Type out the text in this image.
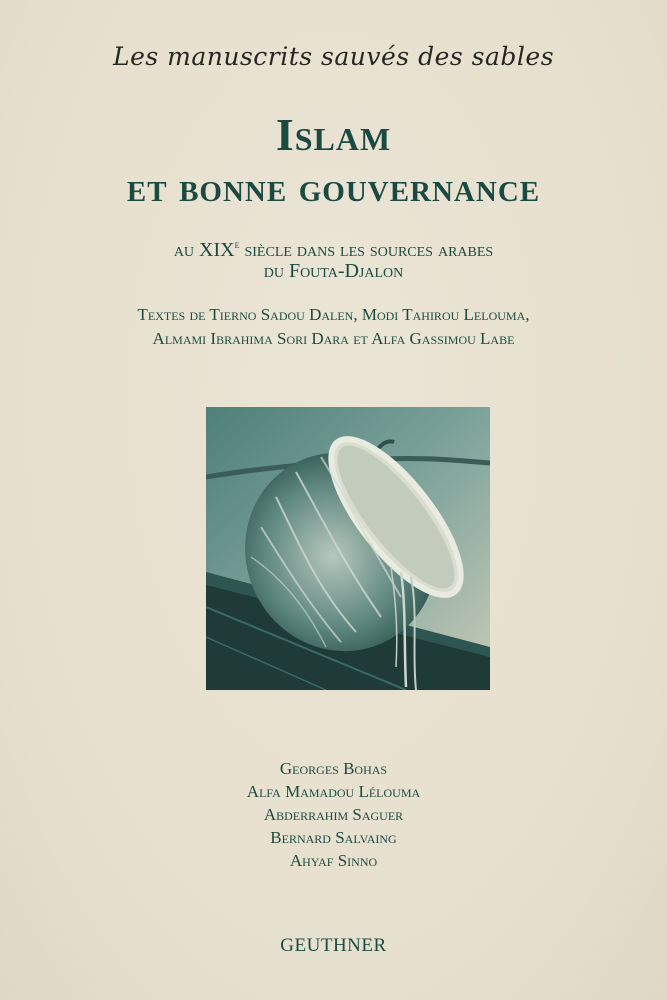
Les manuscrits sauvés des sables
Islam
et bonne gouvernance
au XIXe siècle dans les sources arabes
du Fouta-Djalon
Textes de Tierno Sadou Dalen, Modi Tahirou Lelouma,
Almami Ibrahima Sori Dara et Alfa Gassimou Labe
Georges Bohas
Alfa Mamadou Lélouma
Abderrahim Saguer
Bernard Salvaing
Ahyaf Sinno
GEUTHNER
